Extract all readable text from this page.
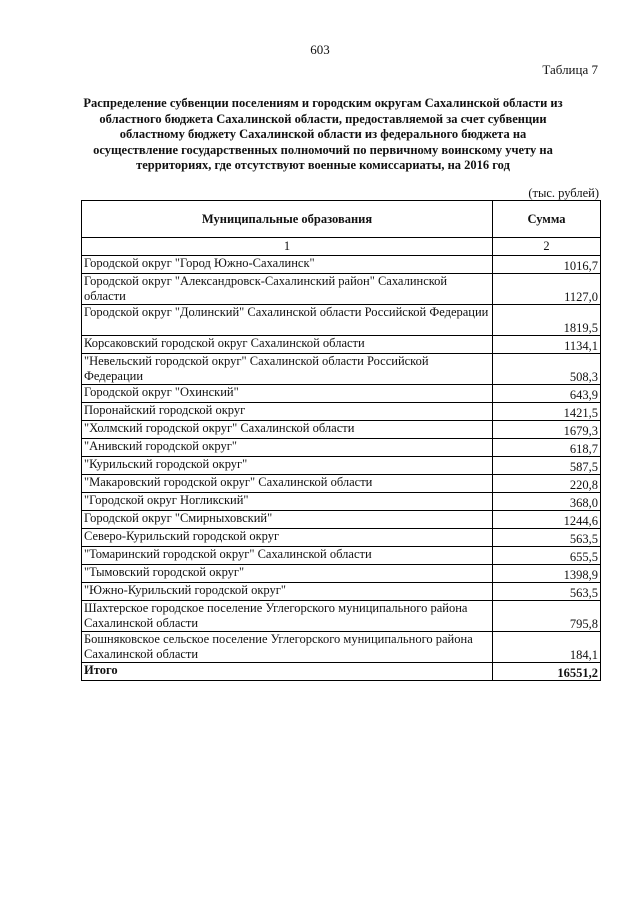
603
Таблица 7
Распределение субвенции поселениям и городским округам Сахалинской области из областного бюджета Сахалинской области, предоставляемой за счет субвенции областному бюджету Сахалинской области из федерального бюджета на осуществление государственных полномочий по первичному воинскому учету на территориях, где отсутствуют военные комиссариаты, на 2016 год
(тыс. рублей)
Муниципальные образования	Сумма
1	2
Городской округ "Город Южно-Сахалинск"	1016,7
Городской округ "Александровск-Сахалинский район" Сахалинской области	1127,0
Городской округ "Долинский" Сахалинской области Российской Федерации	1819,5
Корсаковский городской округ Сахалинской области	1134,1
"Невельский городской округ" Сахалинской области Российской Федерации	508,3
Городской округ "Охинский"	643,9
Поронайский городской округ	1421,5
"Холмский городской округ" Сахалинской области	1679,3
"Анивский городской округ"	618,7
"Курильский городской округ"	587,5
"Макаровский городской округ" Сахалинской области	220,8
"Городской округ Ногликский"	368,0
Городской округ "Смирныховский"	1244,6
Северо-Курильский городской округ	563,5
"Томаринский городской округ" Сахалинской области	655,5
"Тымовский городской округ"	1398,9
"Южно-Курильский городской округ"	563,5
Шахтерское городское поселение Углегорского муниципального района Сахалинской области	795,8
Бошняковское сельское поселение Углегорского муниципального района Сахалинской области	184,1
Итого	16551,2
